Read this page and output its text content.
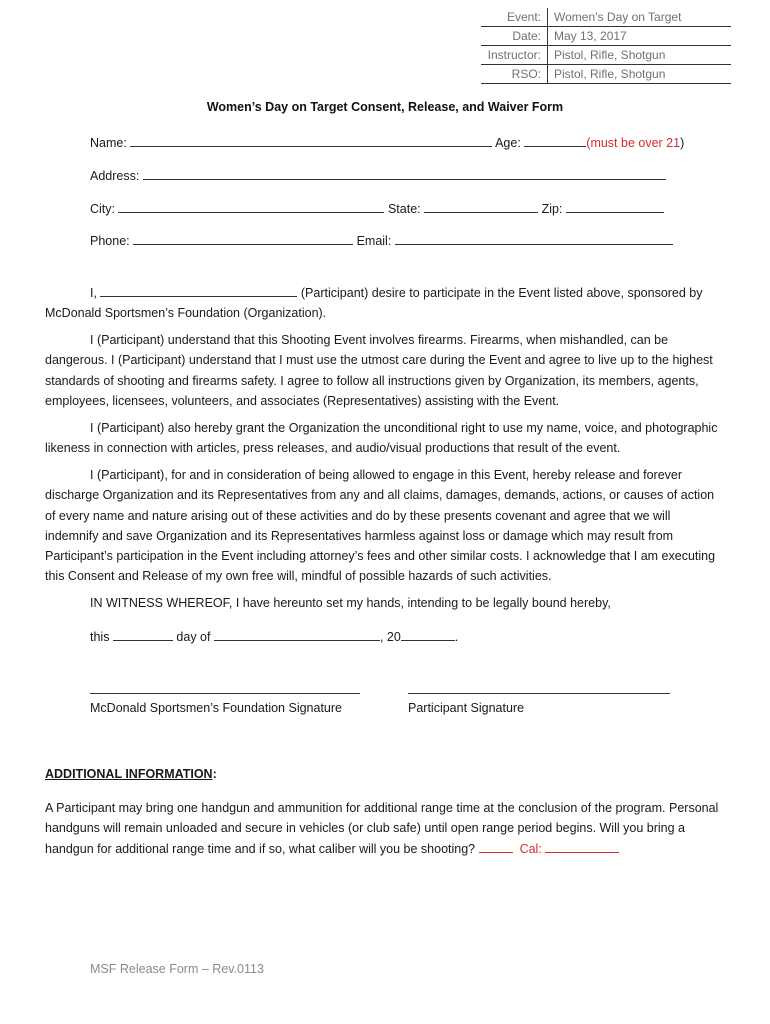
Event:	Women’s Day on Target
Date:	May 13, 2017
Instructor:	Pistol, Rifle, Shotgun
RSO:	Pistol, Rifle, Shotgun
Women’s Day on Target Consent, Release, and Waiver Form
Name:	Age:	(must be over 21)
Address:
City:	State:	Zip:
Phone:	Email:
I,	(Participant) desire to participate in the Event listed above, sponsored by McDonald Sportsmen’s Foundation (Organization).
I (Participant) understand that this Shooting Event involves firearms. Firearms, when mishandled, can be dangerous. I (Participant) understand that I must use the utmost care during the Event and agree to live up to the highest standards of shooting and firearms safety. I agree to follow all instructions given by Organization, its members, agents, employees, licensees, volunteers, and associates (Representatives) assisting with the Event.
I (Participant) also hereby grant the Organization the unconditional right to use my name, voice, and photographic likeness in connection with articles, press releases, and audio/visual productions that result of the event.
I (Participant), for and in consideration of being allowed to engage in this Event, hereby release and forever discharge Organization and its Representatives from any and all claims, damages, demands, actions, or causes of action of every name and nature arising out of these activities and do by these presents covenant and agree that we will indemnify and save Organization and its Representatives harmless against loss or damage which may result from Participant’s participation in the Event including attorney’s fees and other similar costs. I acknowledge that I am executing this Consent and Release of my own free will, mindful of possible hazards of such activities.
IN WITNESS WHEREOF, I have hereunto set my hands, intending to be legally bound hereby,
this	day of	, 20	.
McDonald Sportsmen’s Foundation Signature	Participant Signature
ADDITIONAL INFORMATION:
A Participant may bring one handgun and ammunition for additional range time at the conclusion of the program. Personal handguns will remain unloaded and secure in vehicles (or club safe) until open range period begins. Will you bring a handgun for additional range time and if so, what caliber will you be shooting?	Cal:
MSF Release Form – Rev.0113
